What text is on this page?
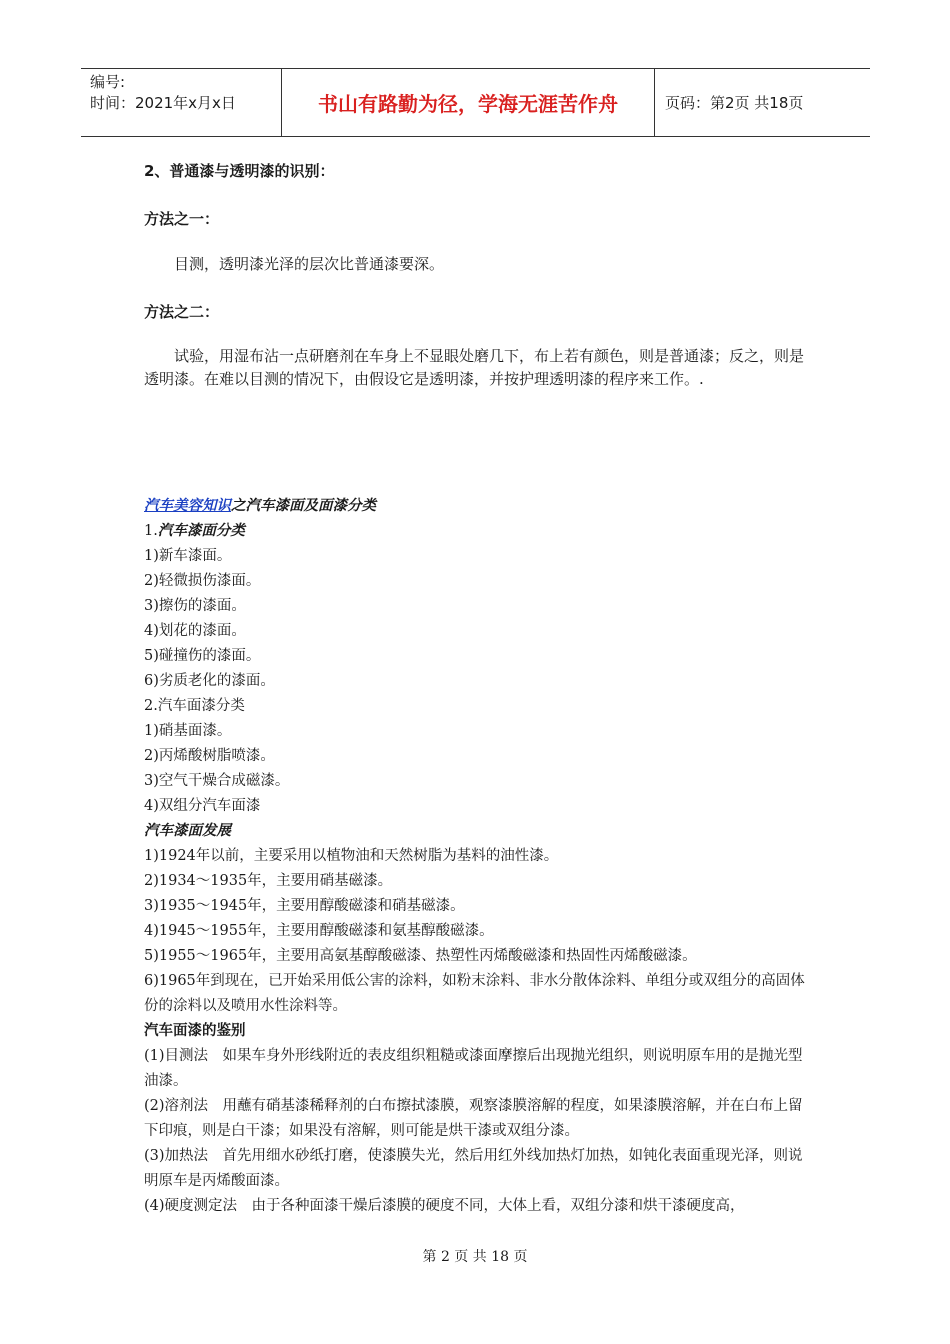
编号:
时间：2021年x月x日	书山有路勤为径，学海无涯苦作舟	页码：第2页 共18页

2、普通漆与透明漆的识别：

方法之一：

目测，透明漆光泽的层次比普通漆要深。

方法之二：

试验，用湿布沾一点研磨剂在车身上不显眼处磨几下，布上若有颜色，则是普通漆；反之，则是透明漆。在难以目测的情况下，由假设它是透明漆，并按护理透明漆的程序来工作。.

汽车美容知识之汽车漆面及面漆分类

1.汽车漆面分类

1)新车漆面。

2)轻微损伤漆面。

3)擦伤的漆面。

4)划花的漆面。

5)碰撞伤的漆面。

6)劣质老化的漆面。

2.汽车面漆分类

1)硝基面漆。

2)丙烯酸树脂喷漆。

3)空气干燥合成磁漆。

4)双组分汽车面漆

汽车漆面发展

1)1924年以前，主要采用以植物油和天然树脂为基料的油性漆。

2)1934～1935年，主要用硝基磁漆。

3)1935～1945年，主要用醇酸磁漆和硝基磁漆。

4)1945～1955年，主要用醇酸磁漆和氨基醇酸磁漆。

5)1955～1965年，主要用高氨基醇酸磁漆、热塑性丙烯酸磁漆和热固性丙烯酸磁漆。

6)1965年到现在，已开始采用低公害的涂料，如粉末涂料、非水分散体涂料、单组分或双组分的高固体份的涂料以及喷用水性涂料等。

汽车面漆的鉴别

(1)目测法　如果车身外形线附近的表皮组织粗糙或漆面摩擦后出现抛光组织，则说明原车用的是抛光型油漆。

(2)溶剂法　用蘸有硝基漆稀释剂的白布擦拭漆膜，观察漆膜溶解的程度，如果漆膜溶解，并在白布上留下印痕，则是白干漆；如果没有溶解，则可能是烘干漆或双组分漆。

(3)加热法　首先用细水砂纸打磨，使漆膜失光，然后用红外线加热灯加热，如钝化表面重现光泽，则说明原车是丙烯酸面漆。

(4)硬度测定法　由于各种面漆干燥后漆膜的硬度不同，大体上看，双组分漆和烘干漆硬度高，

第 2 页 共 18 页
